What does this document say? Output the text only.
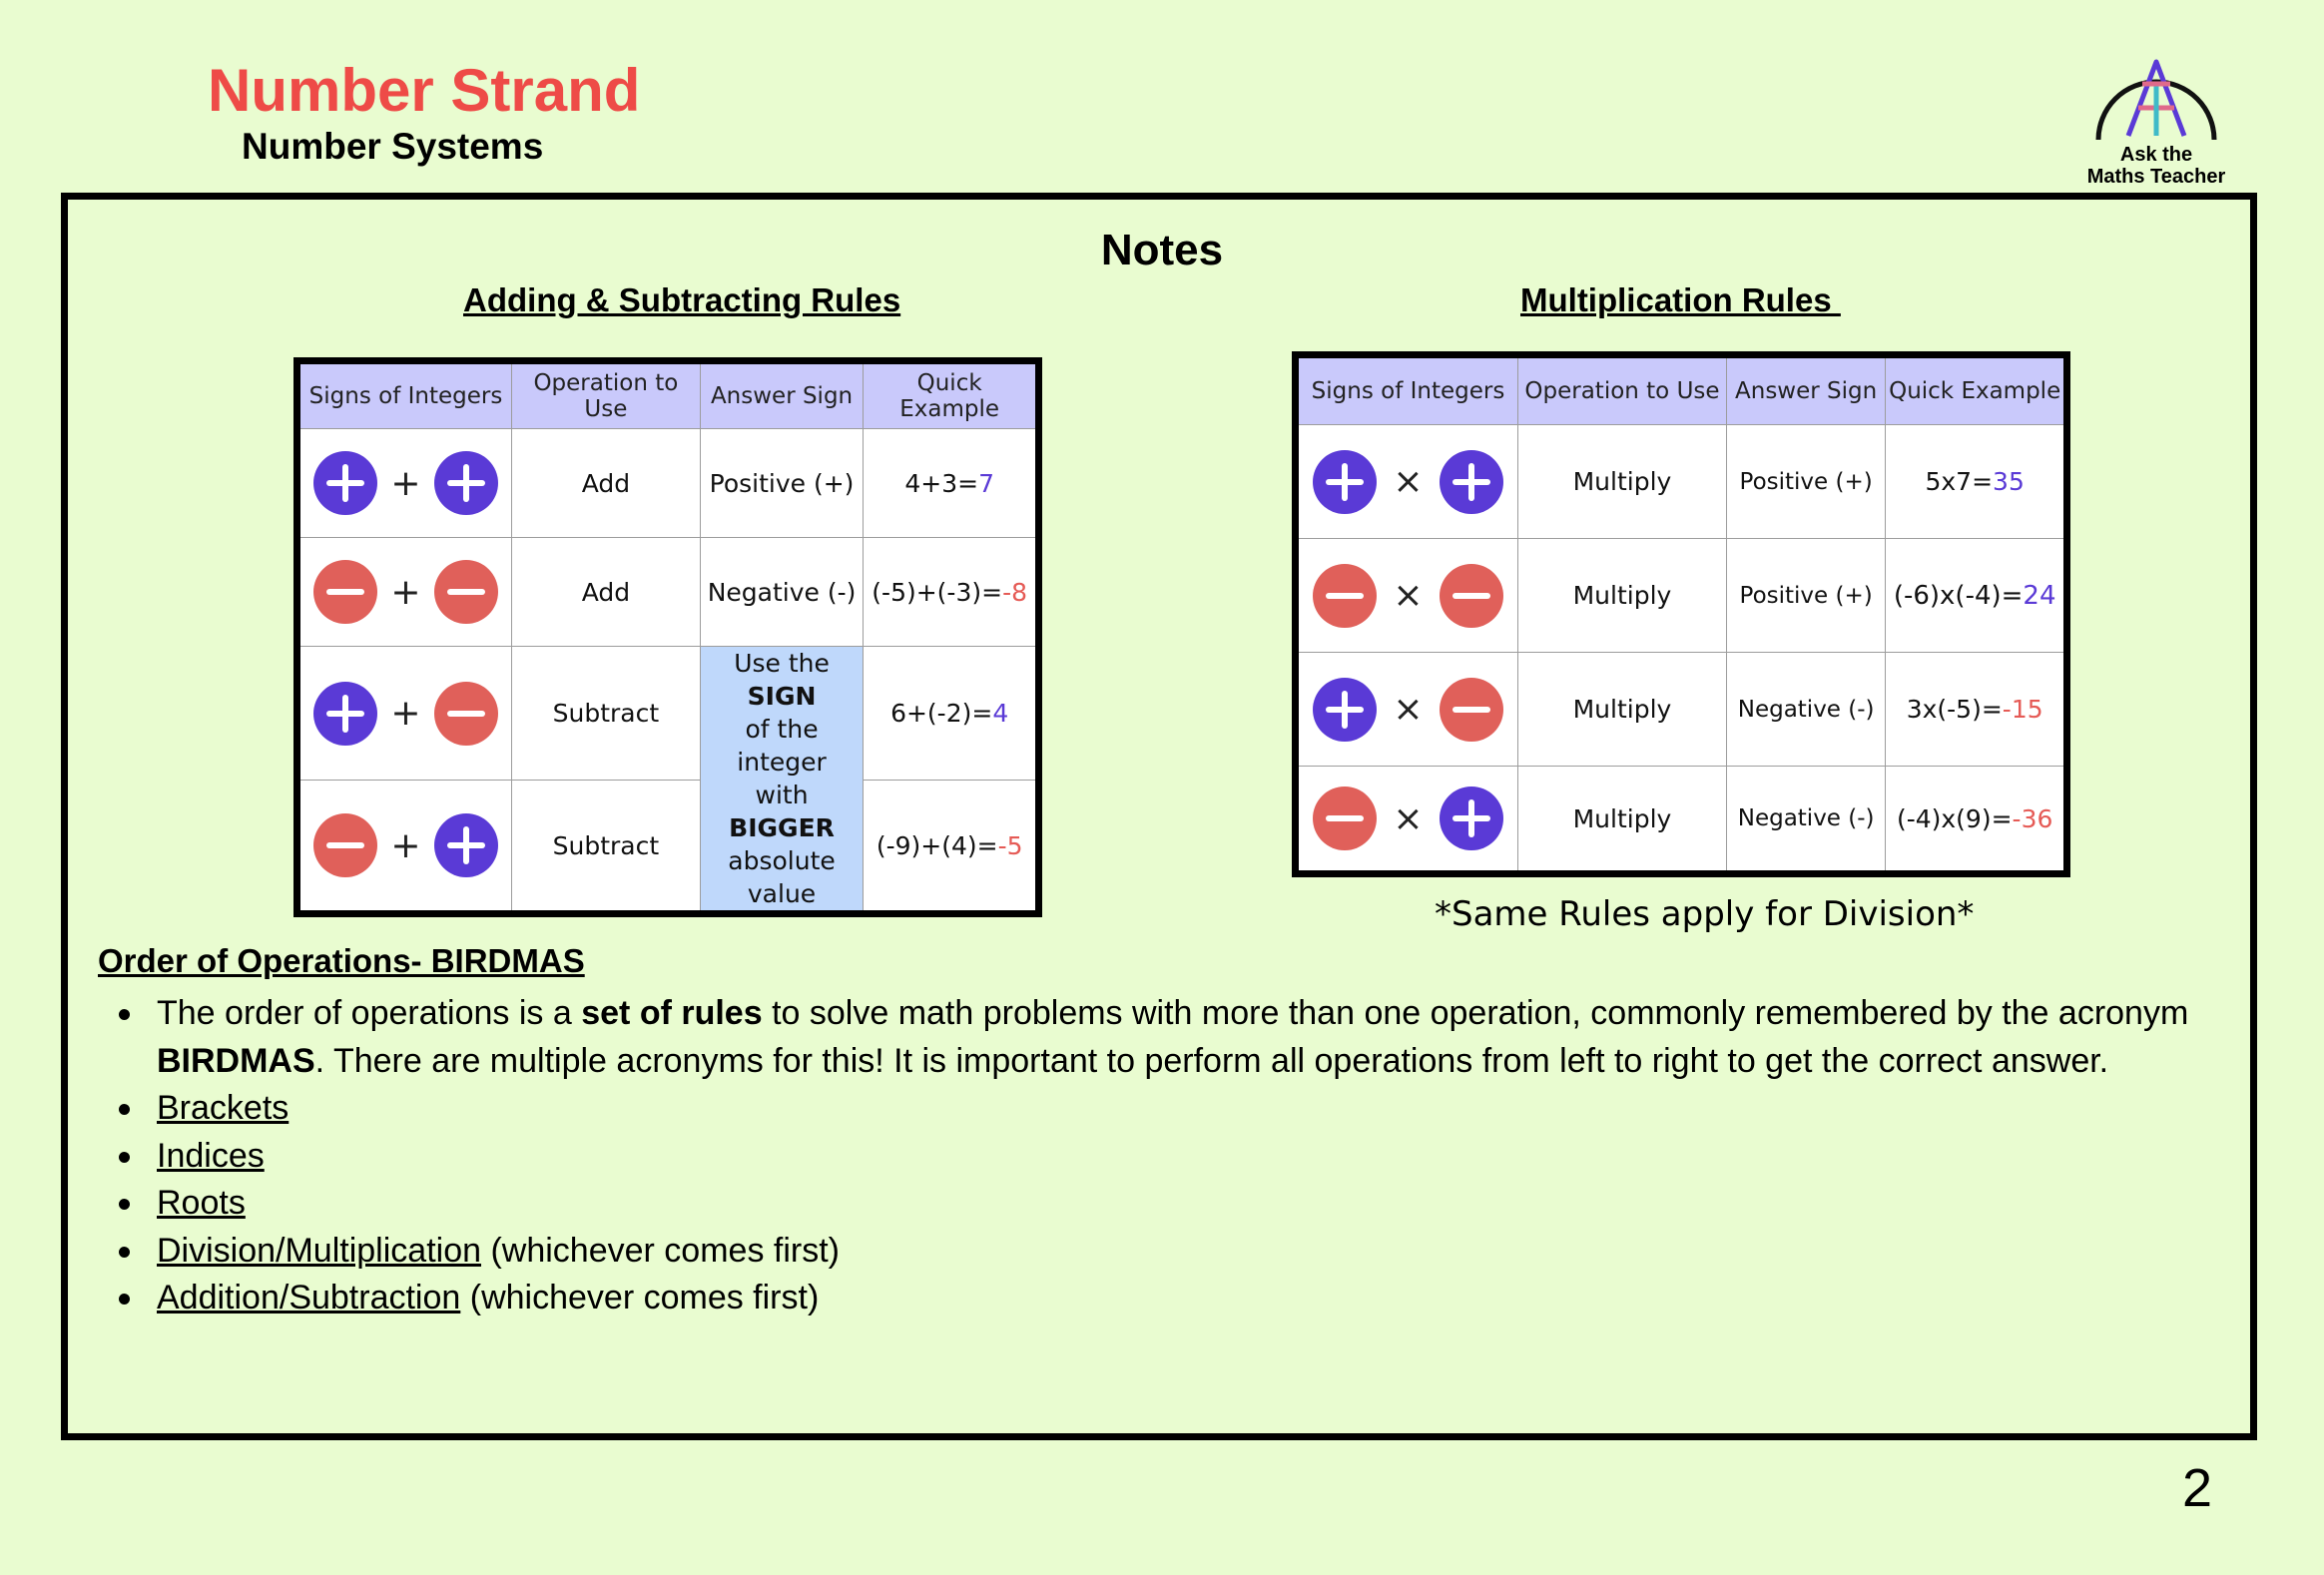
Number Strand
Number Systems	Ask the
Maths Teacher
Notes
Adding & Subtracting Rules	Multiplication Rules
Signs of Integers	Operation to Use	Answer Sign	Quick Example

+	Add	Positive (+)	4+3=7

+	Add	Negative (-)	(-5)+(-3)=-8

+	Subtract	Use the SIGN
of the integer
with BIGGER
absolute value	6+(-2)=4

+	Subtract		(-9)+(4)=-5
Signs of Integers	Operation to Use	Answer Sign	Quick Example

×	Multiply	Positive (+)	5x7=35

×	Multiply	Positive (+)	(-6)x(-4)=24

×	Multiply	Negative (-)	3x(-5)=-15

×	Multiply	Negative (-)	(-4)x(9)=-36

*Same Rules apply for Division*

Order of Operations- BIRDMAS
The order of operations is a set of rules to solve math problems with more than one operation, commonly remembered by the acronym BIRDMAS. There are multiple acronyms for this! It is important to perform all operations from left to right to get the correct answer.
Brackets
Indices
Roots
Division/Multiplication (whichever comes first)
Addition/Subtraction (whichever comes first)

2
